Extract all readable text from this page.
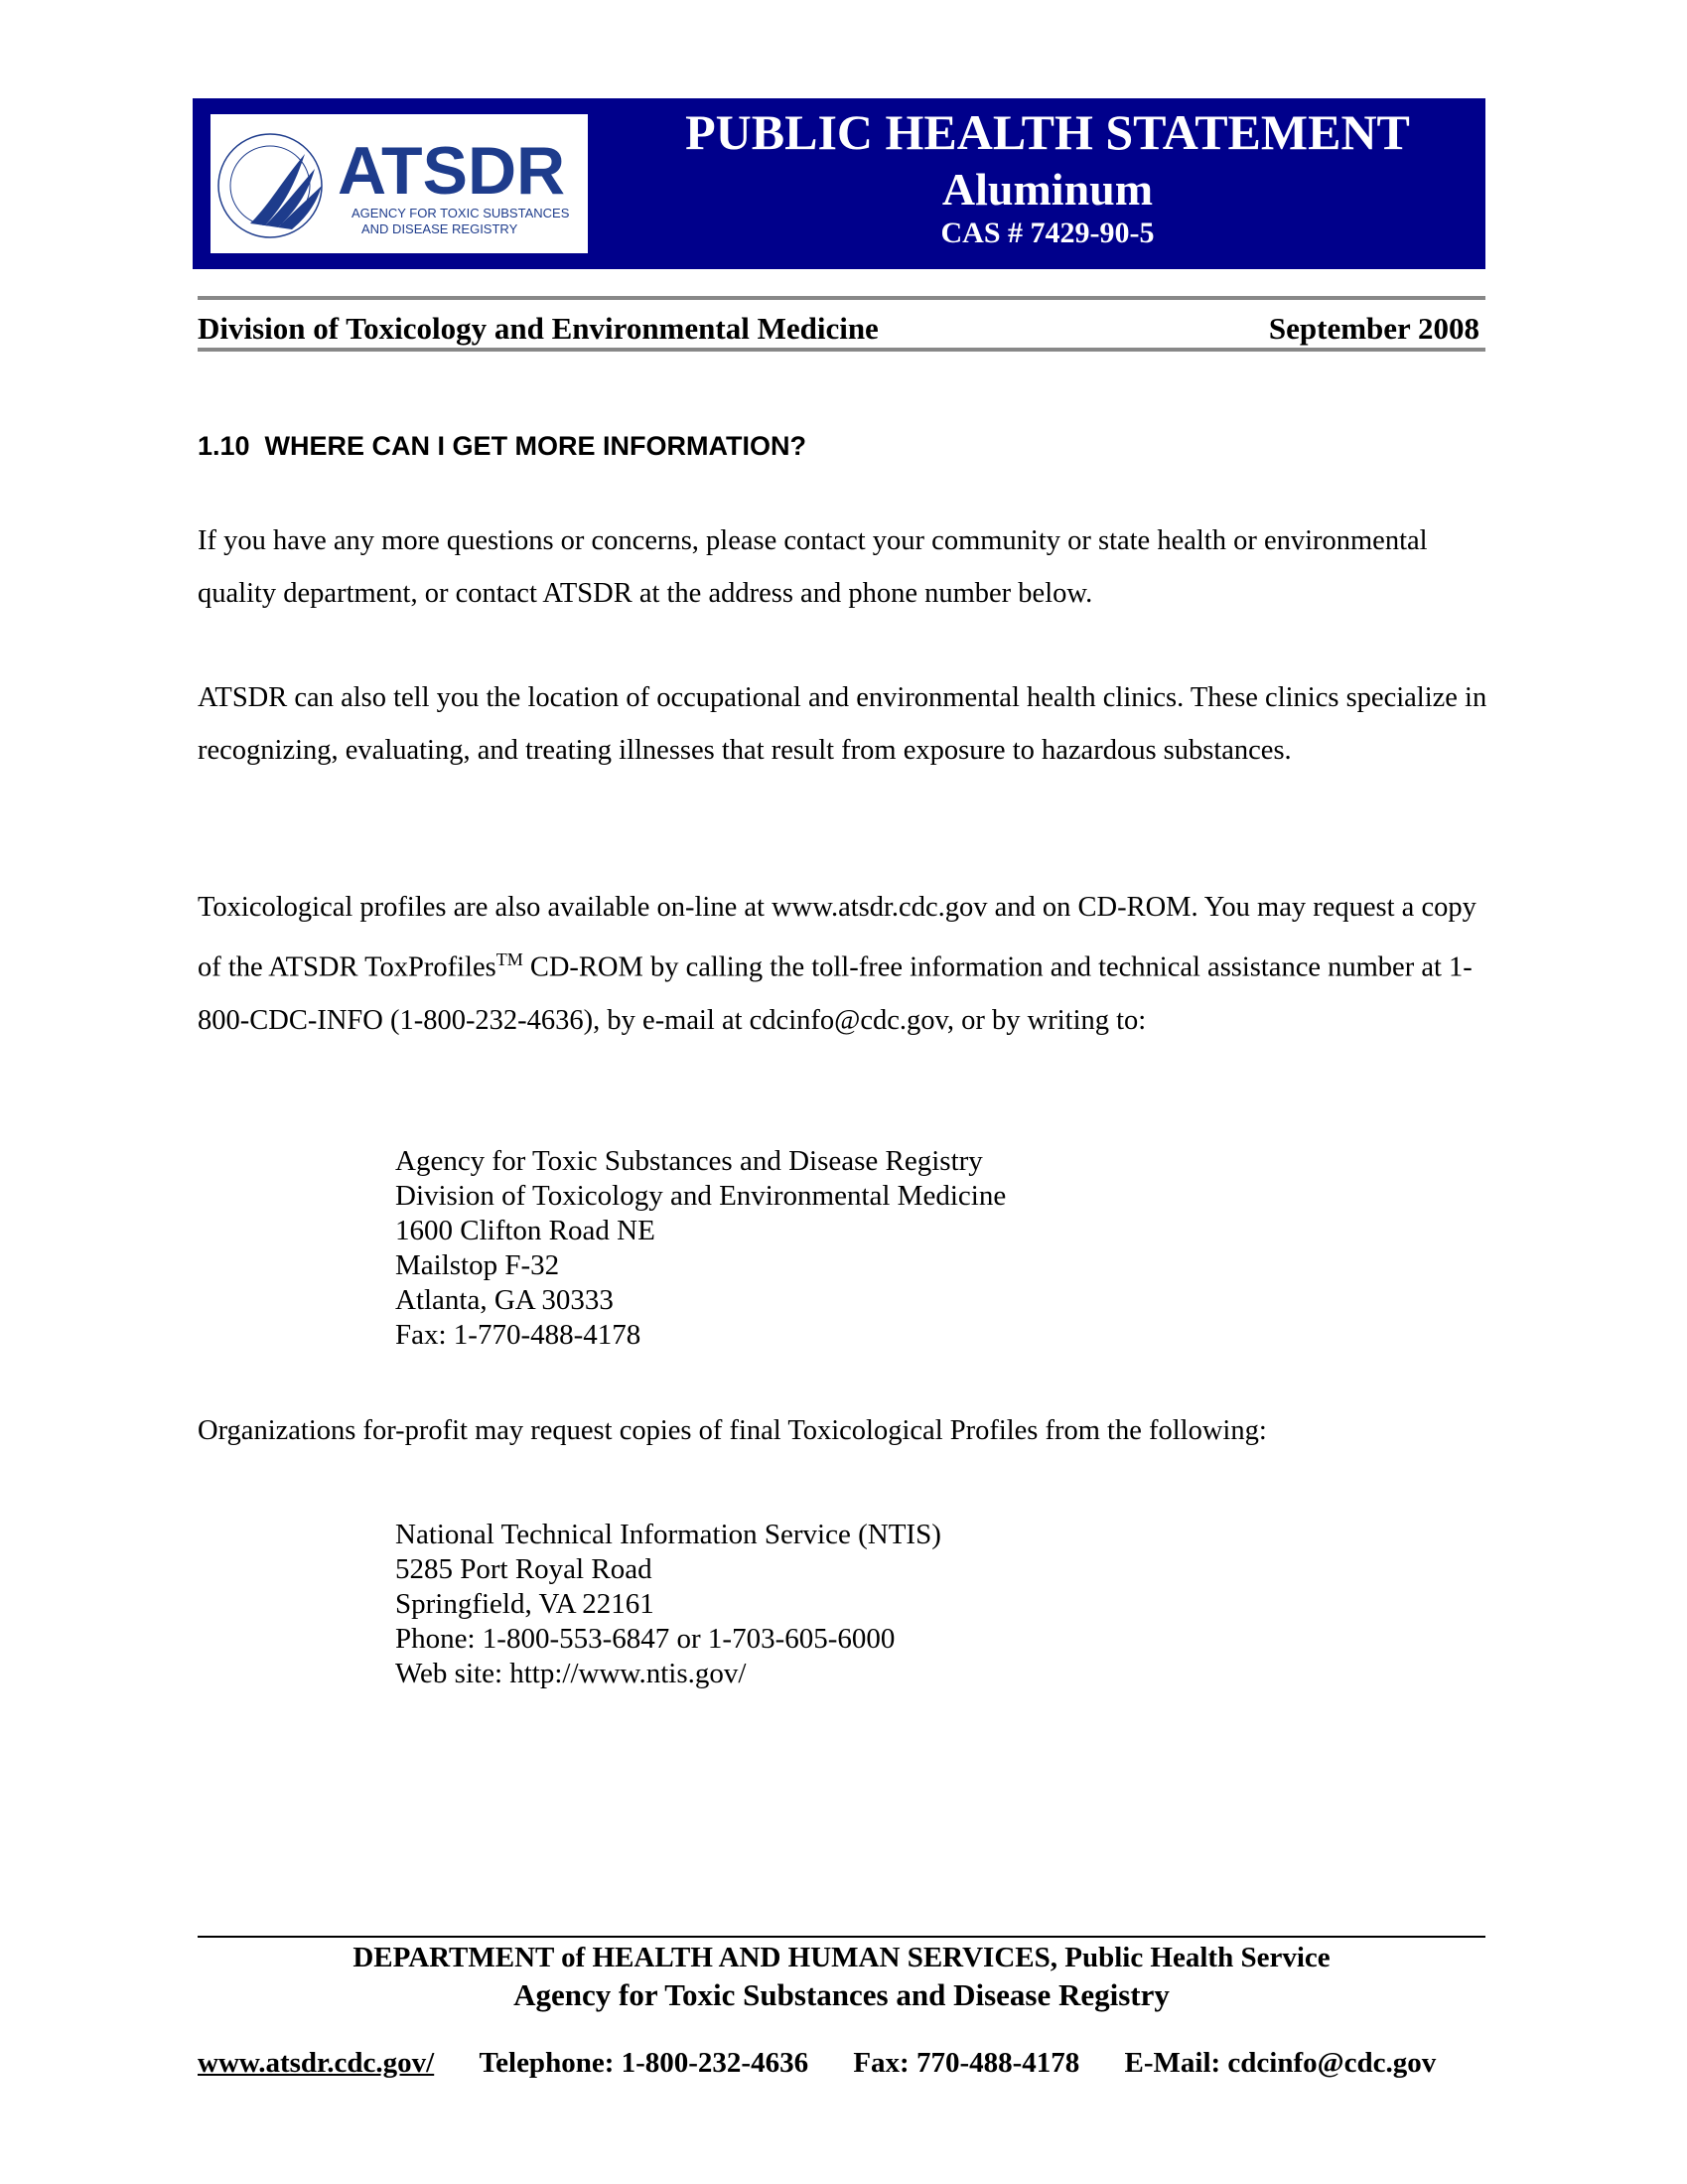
ATSDR
AGENCY FOR TOXIC SUBSTANCES
AND DISEASE REGISTRY
PUBLIC HEALTH STATEMENT
Aluminum
CAS # 7429-90-5
Division of Toxicology and Environmental Medicine	September 2008
1.10  WHERE CAN I GET MORE INFORMATION?

If you have any more questions or concerns, please contact your community or state health or environmental quality department, or contact ATSDR at the address and phone number below.

ATSDR can also tell you the location of occupational and environmental health clinics. These clinics specialize in recognizing, evaluating, and treating illnesses that result from exposure to hazardous substances.

Toxicological profiles are also available on-line at www.atsdr.cdc.gov and on CD-ROM. You may request a copy of the ATSDR ToxProfiles™ CD-ROM by calling the toll-free information and technical assistance number at 1-800-CDC-INFO (1-800-232-4636), by e-mail at cdcinfo@cdc.gov, or by writing to:

Agency for Toxic Substances and Disease Registry
Division of Toxicology and Environmental Medicine
1600 Clifton Road NE
Mailstop F-32
Atlanta, GA 30333
Fax: 1-770-488-4178

Organizations for-profit may request copies of final Toxicological Profiles from the following:

National Technical Information Service (NTIS)
5285 Port Royal Road
Springfield, VA 22161
Phone: 1-800-553-6847 or 1-703-605-6000
Web site: http://www.ntis.gov/
DEPARTMENT of HEALTH AND HUMAN SERVICES, Public Health Service
Agency for Toxic Substances and Disease Registry
www.atsdr.cdc.gov/ Telephone: 1-800-232-4636 Fax: 770-488-4178 E-Mail: cdcinfo@cdc.gov
